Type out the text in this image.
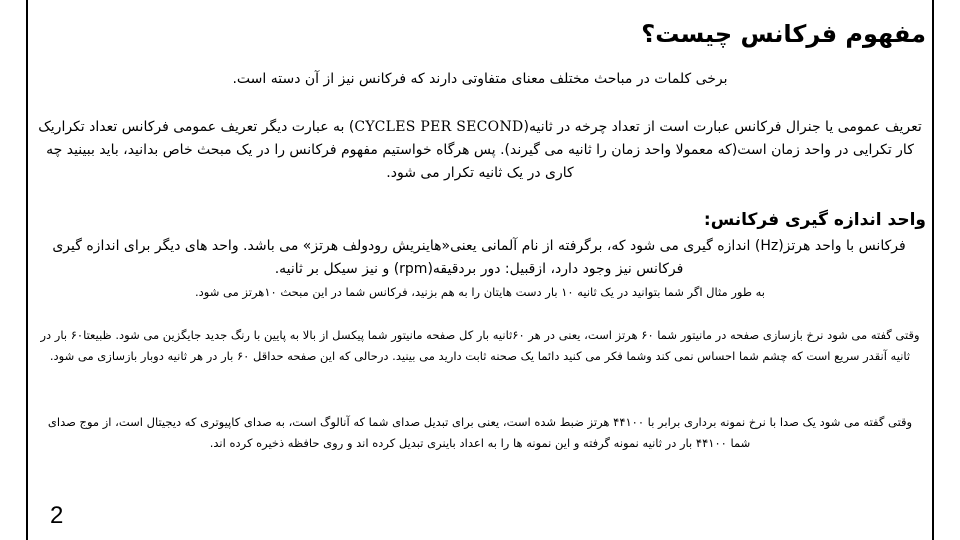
مفهوم فرکانس چیست؟

برخی کلمات در مباحث مختلف معنای متفاوتی دارند که فرکانس نیز از آن دسته است.

تعریف عمومی یا جنرال فرکانس عبارت است از تعداد چرخه در ثانیه(CYCLES PER SECOND) به عبارت دیگر تعریف عمومی فرکانس تعداد تکراریک کار تکرایی در واحد زمان است(که معمولا واحد زمان را ثانیه می گیرند). پس هرگاه خواستیم مفهوم فرکانس را در یک مبحث خاص بدانید، باید ببینید چه کاری در یک ثانیه تکرار می شود.

واحد اندازه گیری فرکانس:

فرکانس با واحد هرتز(Hz) اندازه گیری می شود که، برگرفته از نام آلمانی یعنی«هاینریش رودولف هرتز» می باشد. واحد های دیگر برای اندازه گیری فرکانس نیز وجود دارد، ازقبیل: دور بردقیقه(rpm) و نیز سیکل بر ثانیه.

به طور مثال اگر شما بتوانید در یک ثانیه ۱۰ بار دست هایتان را به هم بزنید، فرکانس شما در این مبحث ۱۰هرتز می شود.

وقتی گفته می شود نرخ بازسازی صفحه در مانیتور شما ۶۰ هرتز است، یعنی در هر ۶۰ثانیه بار کل صفحه مانیتور شما پیکسل از بالا به پایین با رنگ جدید جایگزین می شود. ظبیعتا۶۰ بار در ثانیه آنقدر سریع است که چشم شما احساس نمی کند وشما فکر می کنید دائما یک صحنه ثابت دارید می بینید. درحالی که این صفحه حداقل ۶۰ بار در هر ثانیه دوبار بازسازی می شود.

وقتی گفته می شود یک صدا با نرخ نمونه برداری برابر با ۴۴۱۰۰ هرتز ضبط شده است، یعنی برای تبدیل صدای شما که آنالوگ است، به صدای کاپیوتری که دیجیتال است، از موج صدای شما ۴۴۱۰۰ بار در ثانیه نمونه گرفته و این نمونه ها را به اعداد باینری تبدیل کرده اند و روی حافظه ذخیره کرده اند.

2
